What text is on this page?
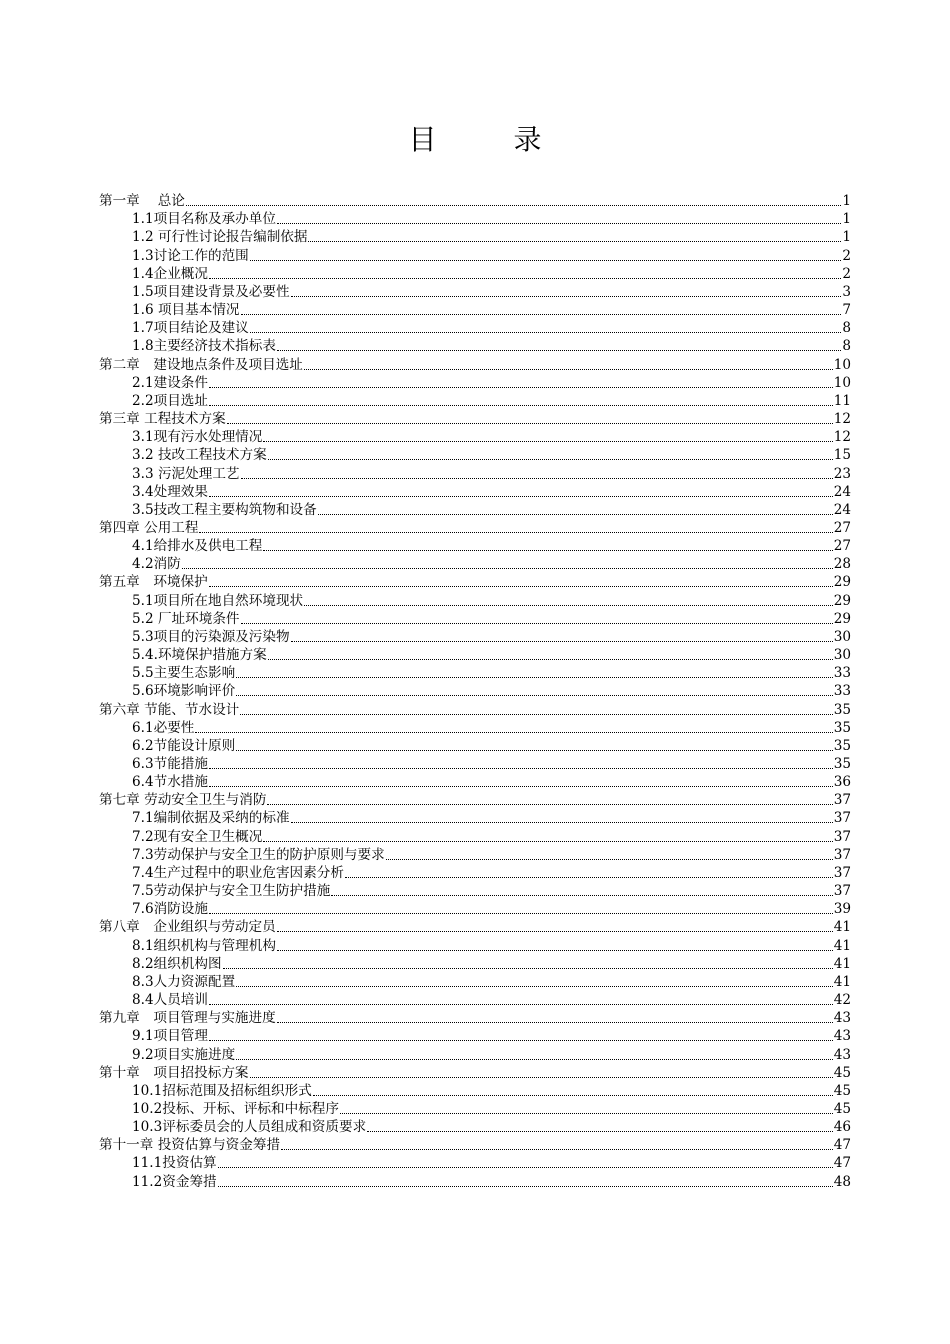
目 录
第一章　 总论	1
1.1项目名称及承办单位	1
1.2 可行性讨论报告编制依据	1
1.3讨论工作的范围	2
1.4企业概况	2
1.5项目建设背景及必要性	3
1.6 项目基本情况	7
1.7项目结论及建议	8
1.8主要经济技术指标表	8
第二章　建设地点条件及项目选址	10
2.1建设条件	10
2.2项目选址	11
第三章 工程技术方案	12
3.1现有污水处理情况	12
3.2 技改工程技术方案	15
3.3 污泥处理工艺	23
3.4处理效果	24
3.5技改工程主要构筑物和设备	24
第四章 公用工程	27
4.1给排水及供电工程	27
4.2消防	28
第五章　环境保护	29
5.1项目所在地自然环境现状	29
5.2 厂址环境条件	29
5.3项目的污染源及污染物	30
5.4.环境保护措施方案	30
5.5主要生态影响	33
5.6环境影响评价	33
第六章 节能、节水设计	35
6.1必要性	35
6.2节能设计原则	35
6.3节能措施	35
6.4节水措施	36
第七章 劳动安全卫生与消防	37
7.1编制依据及采纳的标准	37
7.2现有安全卫生概况	37
7.3劳动保护与安全卫生的防护原则与要求	37
7.4生产过程中的职业危害因素分析	37
7.5劳动保护与安全卫生防护措施	37
7.6消防设施	39
第八章　企业组织与劳动定员	41
8.1组织机构与管理机构	41
8.2组织机构图	41
8.3人力资源配置	41
8.4人员培训	42
第九章　项目管理与实施进度	43
9.1项目管理	43
9.2项目实施进度	43
第十章　项目招投标方案	45
10.1招标范围及招标组织形式	45
10.2投标、开标、评标和中标程序	45
10.3评标委员会的人员组成和资质要求	46
第十一章 投资估算与资金筹措	47
11.1投资估算	47
11.2资金筹措	48
